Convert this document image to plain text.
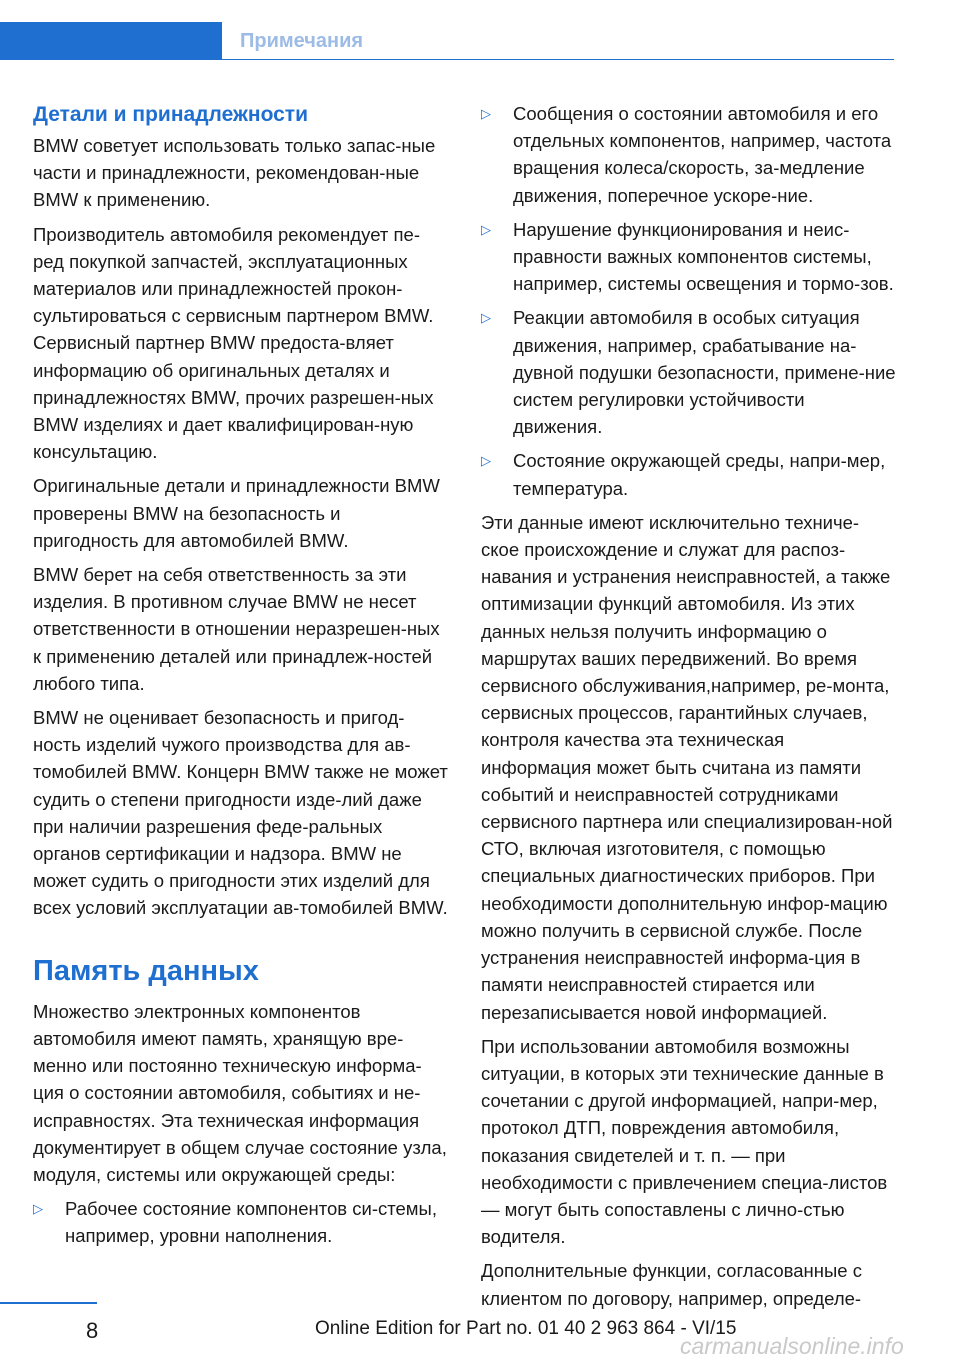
Примечания
Детали и принадлежности

BMW советует использовать только запас-ные части и принадлежности, рекомендован-ные BMW к применению.

Производитель автомобиля рекомендует пе-ред покупкой запчастей, эксплуатационных материалов или принадлежностей прокон-сультироваться с сервисным партнером BMW. Сервисный партнер BMW предоста-вляет информацию об оригинальных деталях и принадлежностях BMW, прочих разрешен-ных BMW изделиях и дает квалифицирован-ную консультацию.

Оригинальные детали и принадлежности BMW проверены BMW на безопасность и пригодность для автомобилей BMW.

BMW берет на себя ответственность за эти изделия. В противном случае BMW не несет ответственности в отношении неразрешен-ных к применению деталей или принадлеж-ностей любого типа.

BMW не оценивает безопасность и пригод-ность изделий чужого производства для ав-томобилей BMW. Концерн BMW также не может судить о степени пригодности изде-лий даже при наличии разрешения феде-ральных органов сертификации и надзора. BMW не может судить о пригодности этих изделий для всех условий эксплуатации ав-томобилей BMW.

Память данных

Множество электронных компонентов автомобиля имеют память, хранящую вре-менно или постоянно техническую информа-ция о состоянии автомобиля, событиях и не-исправностях. Эта техническая информация документирует в общем случае состояние узла, модуля, системы или окружающей среды:

▷ Рабочее состояние компонентов си-стемы, например, уровни наполнения.
▷ Сообщения о состоянии автомобиля и его отдельных компонентов, например, частота вращения колеса/скорость, за-медление движения, поперечное ускоре-ние.
▷ Нарушение функционирования и неис-правности важных компонентов системы, например, системы освещения и тормо-зов.
▷ Реакции автомобиля в особых ситуация движения, например, срабатывание на-дувной подушки безопасности, примене-ние систем регулировки устойчивости движения.
▷ Состояние окружающей среды, напри-мер, температура.

Эти данные имеют исключительно техниче-ское происхождение и служат для распоз-навания и устранения неисправностей, а также оптимизации функций автомобиля. Из этих данных нельзя получить информацию о маршрутах ваших передвижений. Во время сервисного обслуживания,например, ре-монта, сервисных процессов, гарантийных случаев, контроля качества эта техническая информация может быть считана из памяти событий и неисправностей сотрудниками сервисного партнера или специализирован-ной СТО, включая изготовителя, с помощью специальных диагностических приборов. При необходимости дополнительную инфор-мацию можно получить в сервисной службе. После устранения неисправностей информа-ция в памяти неисправностей стирается или перезаписывается новой информацией.

При использовании автомобиля возможны ситуации, в которых эти технические данные в сочетании с другой информацией, напри-мер, протокол ДТП, повреждения автомобиля, показания свидетелей и т. п. — при необходимости с привлечением специа-листов — могут быть сопоставлены с лично-стью водителя.

Дополнительные функции, согласованные с клиентом по договору, например, определе-

8	Online Edition for Part no. 01 40 2 963 864 - VI/15
carmanualsonline.info
